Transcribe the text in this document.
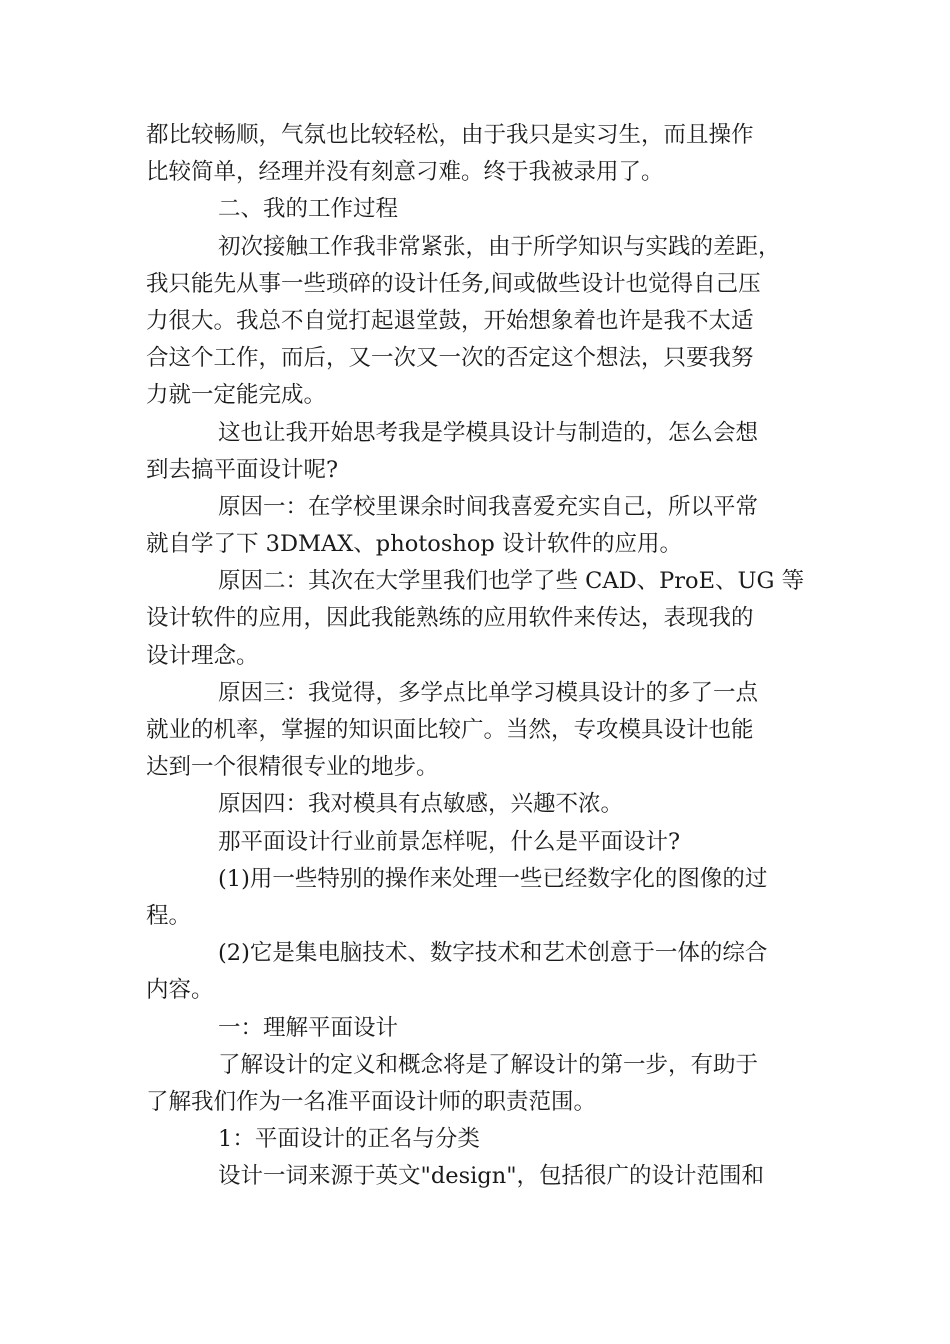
都比较畅顺，气氛也比较轻松，由于我只是实习生，而且操作
比较简单，经理并没有刻意刁难。终于我被录用了。
二、我的工作过程
初次接触工作我非常紧张，由于所学知识与实践的差距，
我只能先从事一些琐碎的设计任务,间或做些设计也觉得自己压
力很大。我总不自觉打起退堂鼓，开始想象着也许是我不太适
合这个工作，而后，又一次又一次的否定这个想法，只要我努
力就一定能完成。
这也让我开始思考我是学模具设计与制造的，怎么会想
到去搞平面设计呢?
原因一：在学校里课余时间我喜爱充实自己，所以平常
就自学了下 3DMAX、photoshop 设计软件的应用。
原因二：其次在大学里我们也学了些 CAD、ProE、UG 等
设计软件的应用，因此我能熟练的应用软件来传达，表现我的
设计理念。
原因三：我觉得，多学点比单学习模具设计的多了一点
就业的机率，掌握的知识面比较广。当然，专攻模具设计也能
达到一个很精很专业的地步。
原因四：我对模具有点敏感，兴趣不浓。
那平面设计行业前景怎样呢，什么是平面设计?
(1)用一些特别的操作来处理一些已经数字化的图像的过
程。
(2)它是集电脑技术、数字技术和艺术创意于一体的综合
内容。
一：理解平面设计
了解设计的定义和概念将是了解设计的第一步，有助于
了解我们作为一名准平面设计师的职责范围。
1：平面设计的正名与分类
设计一词来源于英文"design"，包括很广的设计范围和
